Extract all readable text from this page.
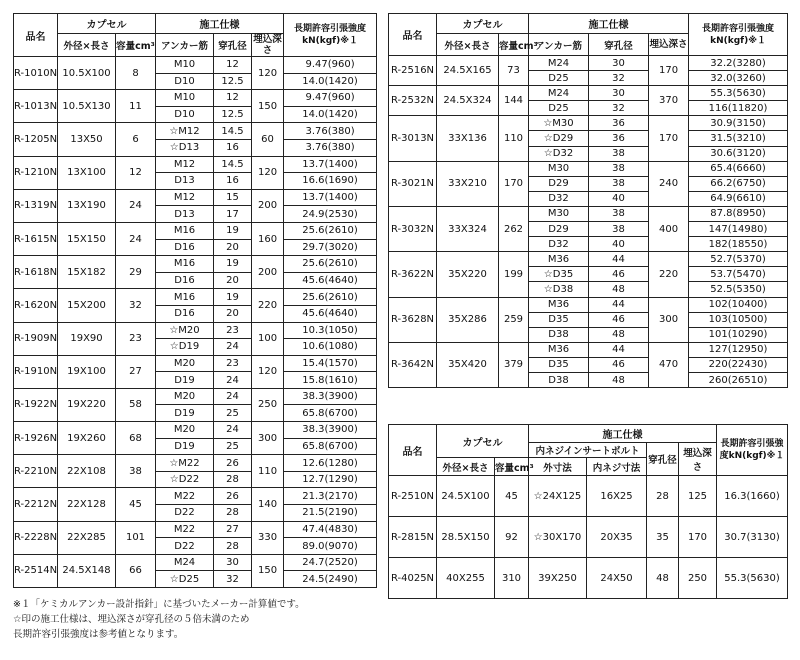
品名	カプセル		施工仕様			長期許容引張強度kN(kgf)※１
	外径×長さ	容量cm³	アンカー筋	穿孔径	埋込深さ	
R-1010N	10.5X100	8	M10	12	120	9.47(960)
			D10	12.5		14.0(1420)
R-1013N	10.5X130	11	M10	12	150	9.47(960)
			D10	12.5		14.0(1420)
R-1205N	13X50	6	☆M12	14.5	60	3.76(380)
			☆D13	16		3.76(380)
R-1210N	13X100	12	M12	14.5	120	13.7(1400)
			D13	16		16.6(1690)
R-1319N	13X190	24	M12	15	200	13.7(1400)
			D13	17		24.9(2530)
R-1615N	15X150	24	M16	19	160	25.6(2610)
			D16	20		29.7(3020)
R-1618N	15X182	29	M16	19	200	25.6(2610)
			D16	20		45.6(4640)
R-1620N	15X200	32	M16	19	220	25.6(2610)
			D16	20		45.6(4640)
R-1909N	19X90	23	☆M20	23	100	10.3(1050)
			☆D19	24		10.6(1080)
R-1910N	19X100	27	M20	23	120	15.4(1570)
			D19	24		15.8(1610)
R-1922N	19X220	58	M20	24	250	38.3(3900)
			D19	25		65.8(6700)
R-1926N	19X260	68	M20	24	300	38.3(3900)
			D19	25		65.8(6700)
R-2210N	22X108	38	☆M22	26	110	12.6(1280)
			☆D22	28		12.7(1290)
R-2212N	22X128	45	M22	26	140	21.3(2170)
			D22	28		21.5(2190)
R-2228N	22X285	101	M22	27	330	47.4(4830)
			D22	28		89.0(9070)
R-2514N	24.5X148	66	M24	30	150	24.7(2520)
			☆D25	32		24.5(2490)
品名	カプセル		施工仕様			長期許容引張強度kN(kgf)※１
	外径×長さ	容量cm³	アンカー筋	穿孔径	埋込深さ	
R-2516N	24.5X165	73	M24	30	170	32.2(3280)
			D25	32		32.0(3260)
R-2532N	24.5X324	144	M24	30	370	55.3(5630)
			D25	32		116(11820)
R-3013N	33X136	110	☆M30	36	170	30.9(3150)
			☆D29	36		31.5(3210)
			☆D32	38		30.6(3120)
R-3021N	33X210	170	M30	38	240	65.4(6660)
			D29	38		66.2(6750)
			D32	40		64.9(6610)
R-3032N	33X324	262	M30	38	400	87.8(8950)
			D29	38		147(14980)
			D32	40		182(18550)
R-3622N	35X220	199	M36	44	220	52.7(5370)
			☆D35	46		53.7(5470)
			☆D38	48		52.5(5350)
R-3628N	35X286	259	M36	44	300	102(10400)
			D35	46		103(10500)
			D38	48		101(10290)
R-3642N	35X420	379	M36	44	470	127(12950)
			D35	46		220(22430)
			D38	48		260(26510)
品名	カプセル		施工仕様				長期許容引張強度kN(kgf)※１
			内ネジインサートボルト		穿孔径	埋込深さ	
	外径×長さ	容量cm³	外寸法	内ネジ寸法			
R-2510N	24.5X100	45	☆24X125	16X25	28	125	16.3(1660)
R-2815N	28.5X150	92	☆30X170	20X35	35	170	30.7(3130)
R-4025N	40X255	310	39X250	24X50	48	250	55.3(5630)
※１「ケミカルアンカー設計指針」に基づいたメーカー計算値です。
☆印の施工仕様は、埋込深さが穿孔径の５倍未満のため
長期許容引張強度は参考値となります。
